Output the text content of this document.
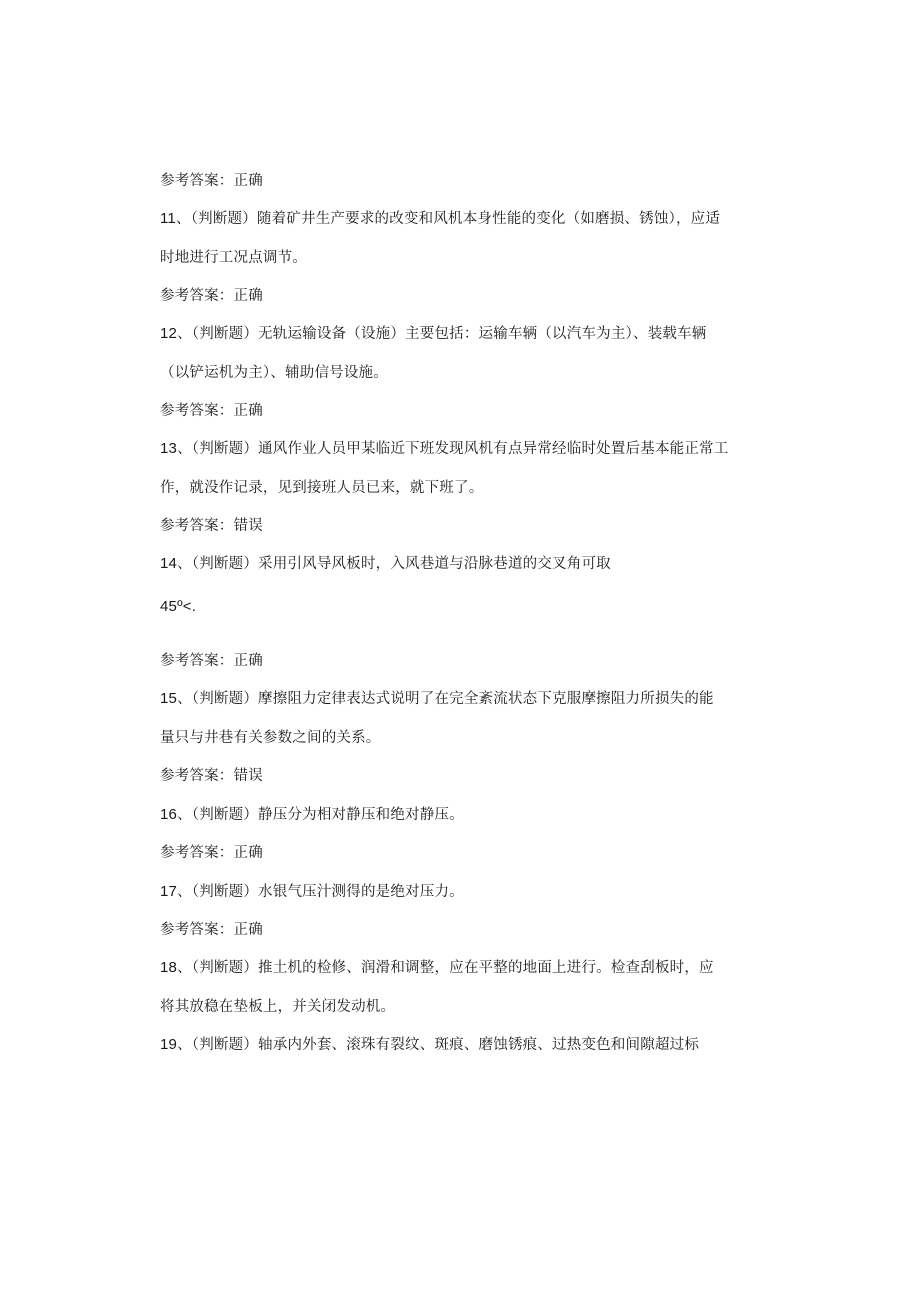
参考答案：正确
11、（判断题）随着矿井生产要求的改变和风机本身性能的变化（如磨损、锈蚀），应适
时地进行工况点调节。
参考答案：正确
12、（判断题）无轨运输设备（设施）主要包括：运输车辆（以汽车为主）、装载车辆
（以铲运机为主）、辅助信号设施。
参考答案：正确
13、（判断题）通风作业人员甲某临近下班发现风机有点异常经临时处置后基本能正常工
作，就没作记录，见到接班人员已来，就下班了。
参考答案：错误
14、（判断题）采用引风导风板时，入风巷道与沿脉巷道的交叉角可取
45º<.
参考答案：正确
15、（判断题）摩擦阻力定律表达式说明了在完全紊流状态下克服摩擦阻力所损失的能
量只与井巷有关参数之间的关系。
参考答案：错误
16、（判断题）静压分为相对静压和绝对静压。
参考答案：正确
17、（判断题）水银气压汁测得的是绝对压力。
参考答案：正确
18、（判断题）推土机的检修、润滑和调整，应在平整的地面上进行。检查刮板时，应
将其放稳在垫板上，并关闭发动机。
19、（判断题）轴承内外套、滚珠有裂纹、斑痕、磨蚀锈痕、过热变色和间隙超过标
